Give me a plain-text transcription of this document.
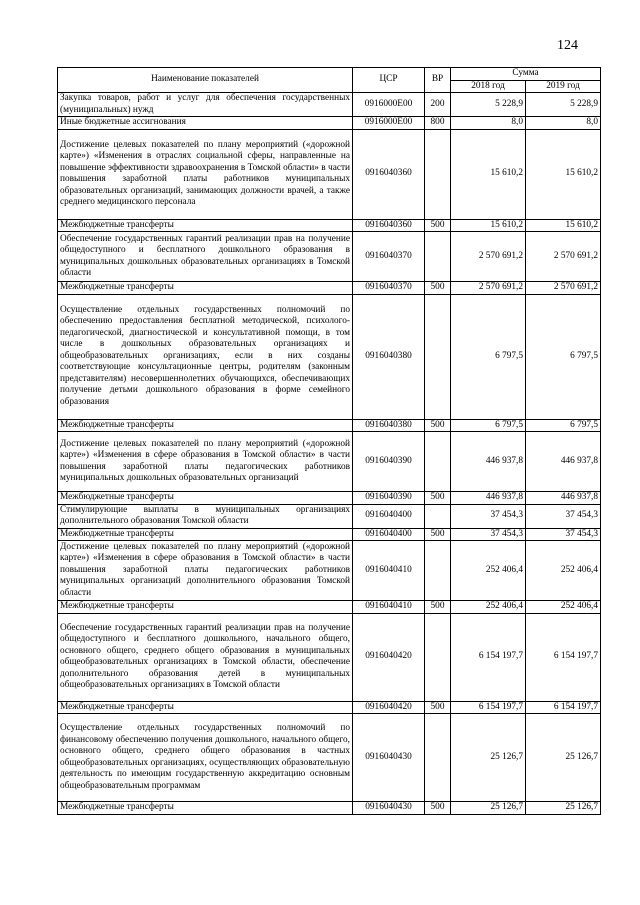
124
Наименование показателей	ЦСР	ВР	Сумма	
			2018 год	2019 год
Закупка товаров, работ и услуг для обеспечения государственных (муниципальных) нужд	0916000Е00	200	5 228,9	5 228,9
Иные бюджетные ассигнования	0916000Е00	800	8,0	8,0
Достижение целевых показателей по плану мероприятий («дорожной карте») «Изменения в отраслях социальной сферы, направленные на повышение эффективности здравоохранения в Томской области» в части повышения заработной платы работников муниципальных образовательных организаций, занимающих должности врачей, а также среднего медицинского персонала	0916040360		15 610,2	15 610,2
Межбюджетные трансферты	0916040360	500	15 610,2	15 610,2
Обеспечение государственных гарантий реализации прав на получение общедоступного и бесплатного дошкольного образования в муниципальных дошкольных образовательных организациях в Томской области	0916040370		2 570 691,2	2 570 691,2
Межбюджетные трансферты	0916040370	500	2 570 691,2	2 570 691,2
Осуществление отдельных государственных полномочий по обеспечению предоставления бесплатной методической, психолого-педагогической, диагностической и консультативной помощи, в том числе в дошкольных образовательных организациях и общеобразовательных организациях, если в них созданы соответствующие консультационные центры, родителям (законным представителям) несовершеннолетних обучающихся, обеспечивающих получение детьми дошкольного образования в форме семейного образования	0916040380		6 797,5	6 797,5
Межбюджетные трансферты	0916040380	500	6 797,5	6 797,5
Достижение целевых показателей по плану мероприятий («дорожной карте») «Изменения в сфере образования в Томской области» в части повышения заработной платы педагогических работников муниципальных дошкольных образовательных организаций	0916040390		446 937,8	446 937,8
Межбюджетные трансферты	0916040390	500	446 937,8	446 937,8
Стимулирующие выплаты в муниципальных организациях дополнительного образования Томской области	0916040400		37 454,3	37 454,3
Межбюджетные трансферты	0916040400	500	37 454,3	37 454,3
Достижение целевых показателей по плану мероприятий («дорожной карте») «Изменения в сфере образования в Томской области» в части повышения заработной платы педагогических работников муниципальных организаций дополнительного образования Томской области	0916040410		252 406,4	252 406,4
Межбюджетные трансферты	0916040410	500	252 406,4	252 406,4
Обеспечение государственных гарантий реализации прав на получение общедоступного и бесплатного дошкольного, начального общего, основного общего, среднего общего образования в муниципальных общеобразовательных организациях в Томской области, обеспечение дополнительного образования детей в муниципальных общеобразовательных организациях в Томской области	0916040420		6 154 197,7	6 154 197,7
Межбюджетные трансферты	0916040420	500	6 154 197,7	6 154 197,7
Осуществление отдельных государственных полномочий по финансовому обеспечению получения дошкольного, начального общего, основного общего, среднего общего образования в частных общеобразовательных организациях, осуществляющих образовательную деятельность по имеющим государственную аккредитацию основным общеобразовательным программам	0916040430		25 126,7	25 126,7
Межбюджетные трансферты	0916040430	500	25 126,7	25 126,7
